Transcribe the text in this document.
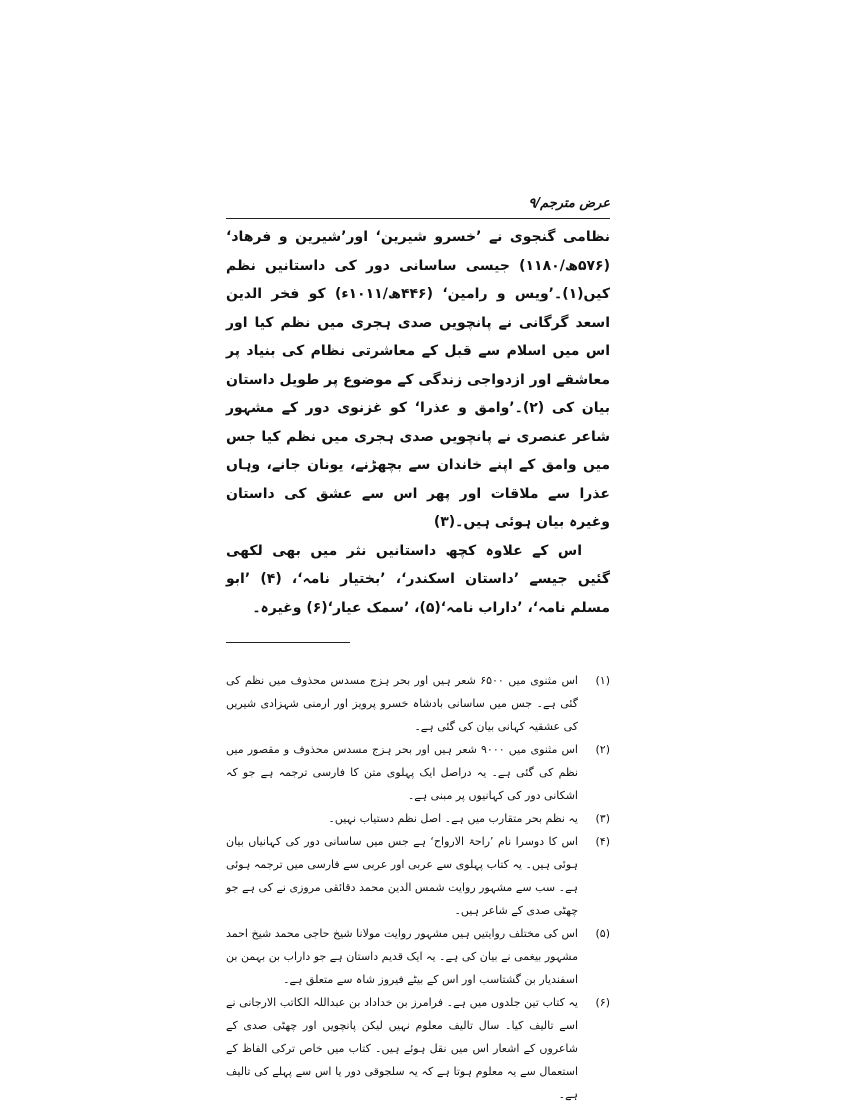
عرض مترجم/۹

نظامی گنجوی نے ’خسرو شیرین‘ اور’شیرین و فرهاد‘ (۵۷۶ھ/۱۱۸۰) جیسی ساسانی دور کی داستانیں نظم کیں(۱)۔’ویس و رامین‘ (۴۴۶ھ/۱۰۱۱ء) کو فخر الدین اسعد گرگانی نے پانچویں صدی ہجری میں نظم کیا اور اس میں اسلام سے قبل کے معاشرتی نظام کی بنیاد پر معاشقے اور ازدواجی زندگی کے موضوع پر طویل داستان بیان کی (۲)۔’وامق و عذرا‘ کو غزنوی دور کے مشہور شاعر عنصری نے پانچویں صدی ہجری میں نظم کیا جس میں وامق کے اپنے خاندان سے بچھڑنے، یونان جانے، وہاں عذرا سے ملاقات اور پھر اس سے عشق کی داستان وغیرہ بیان ہوئی ہیں۔(۳)

اس کے علاوہ کچھ داستانیں نثر میں بھی لکھی گئیں جیسے ’داستان اسکندر‘، ’بختیار نامہ‘، (۴) ’ابو مسلم نامہ‘، ’داراب نامہ‘(۵)، ’سمک عیار‘(۶) وغیرہ۔

( ۱ )
اس مثنوی میں ۶۵۰۰ شعر ہیں اور بحر ہزج مسدس محذوف میں نظم کی گئی ہے۔ جس میں ساسانی بادشاہ خسرو پرویز اور ارمنی شہزادی شیریں کی عشقیہ کہانی بیان کی گئی ہے۔
( ۲ )
اس مثنوی میں ۹۰۰۰ شعر ہیں اور بحر ہزج مسدس محذوف و مقصور میں نظم کی گئی ہے۔ یہ دراصل ایک پہلوی متن کا فارسی ترجمہ ہے جو کہ اشکانی دور کی کہانیوں پر مبنی ہے۔
( ۳ )
یہ نظم بحر متقارب میں ہے۔ اصل نظم دستیاب نہیں۔
( ۴ )
اس کا دوسرا نام ’راحۃ الارواح‘ ہے جس میں ساسانی دور کی کہانیاں بیان ہوئی ہیں۔ یہ کتاب پہلوی سے عربی اور عربی سے فارسی میں ترجمہ ہوئی ہے۔ سب سے مشہور روایت شمس الدین محمد دقائقی مروزی نے کی ہے جو چھٹی صدی کے شاعر ہیں۔
( ۵ )
اس کی مختلف روایتیں ہیں مشہور روایت مولانا شیخ حاجی محمد شیخ احمد مشہور بیغمی نے بیان کی ہے۔ یہ ایک قدیم داستان ہے جو داراب بن بہمن بن اسفندیار بن گشتاسب اور اس کے بیٹے فیروز شاہ سے متعلق ہے۔
( ۶ )
یہ کتاب تین جلدوں میں ہے۔ فرامرز بن خداداد بن عبداللہ الکاتب الارجانی نے اسے تالیف کیا۔ سال تالیف معلوم نہیں لیکن پانچویں اور چھٹی صدی کے شاعروں کے اشعار اس میں نقل ہوئے ہیں۔ کتاب میں خاص ترکی الفاظ کے استعمال سے یہ معلوم ہوتا ہے کہ یہ سلجوقی دور یا اس سے پہلے کی تالیف ہے۔
